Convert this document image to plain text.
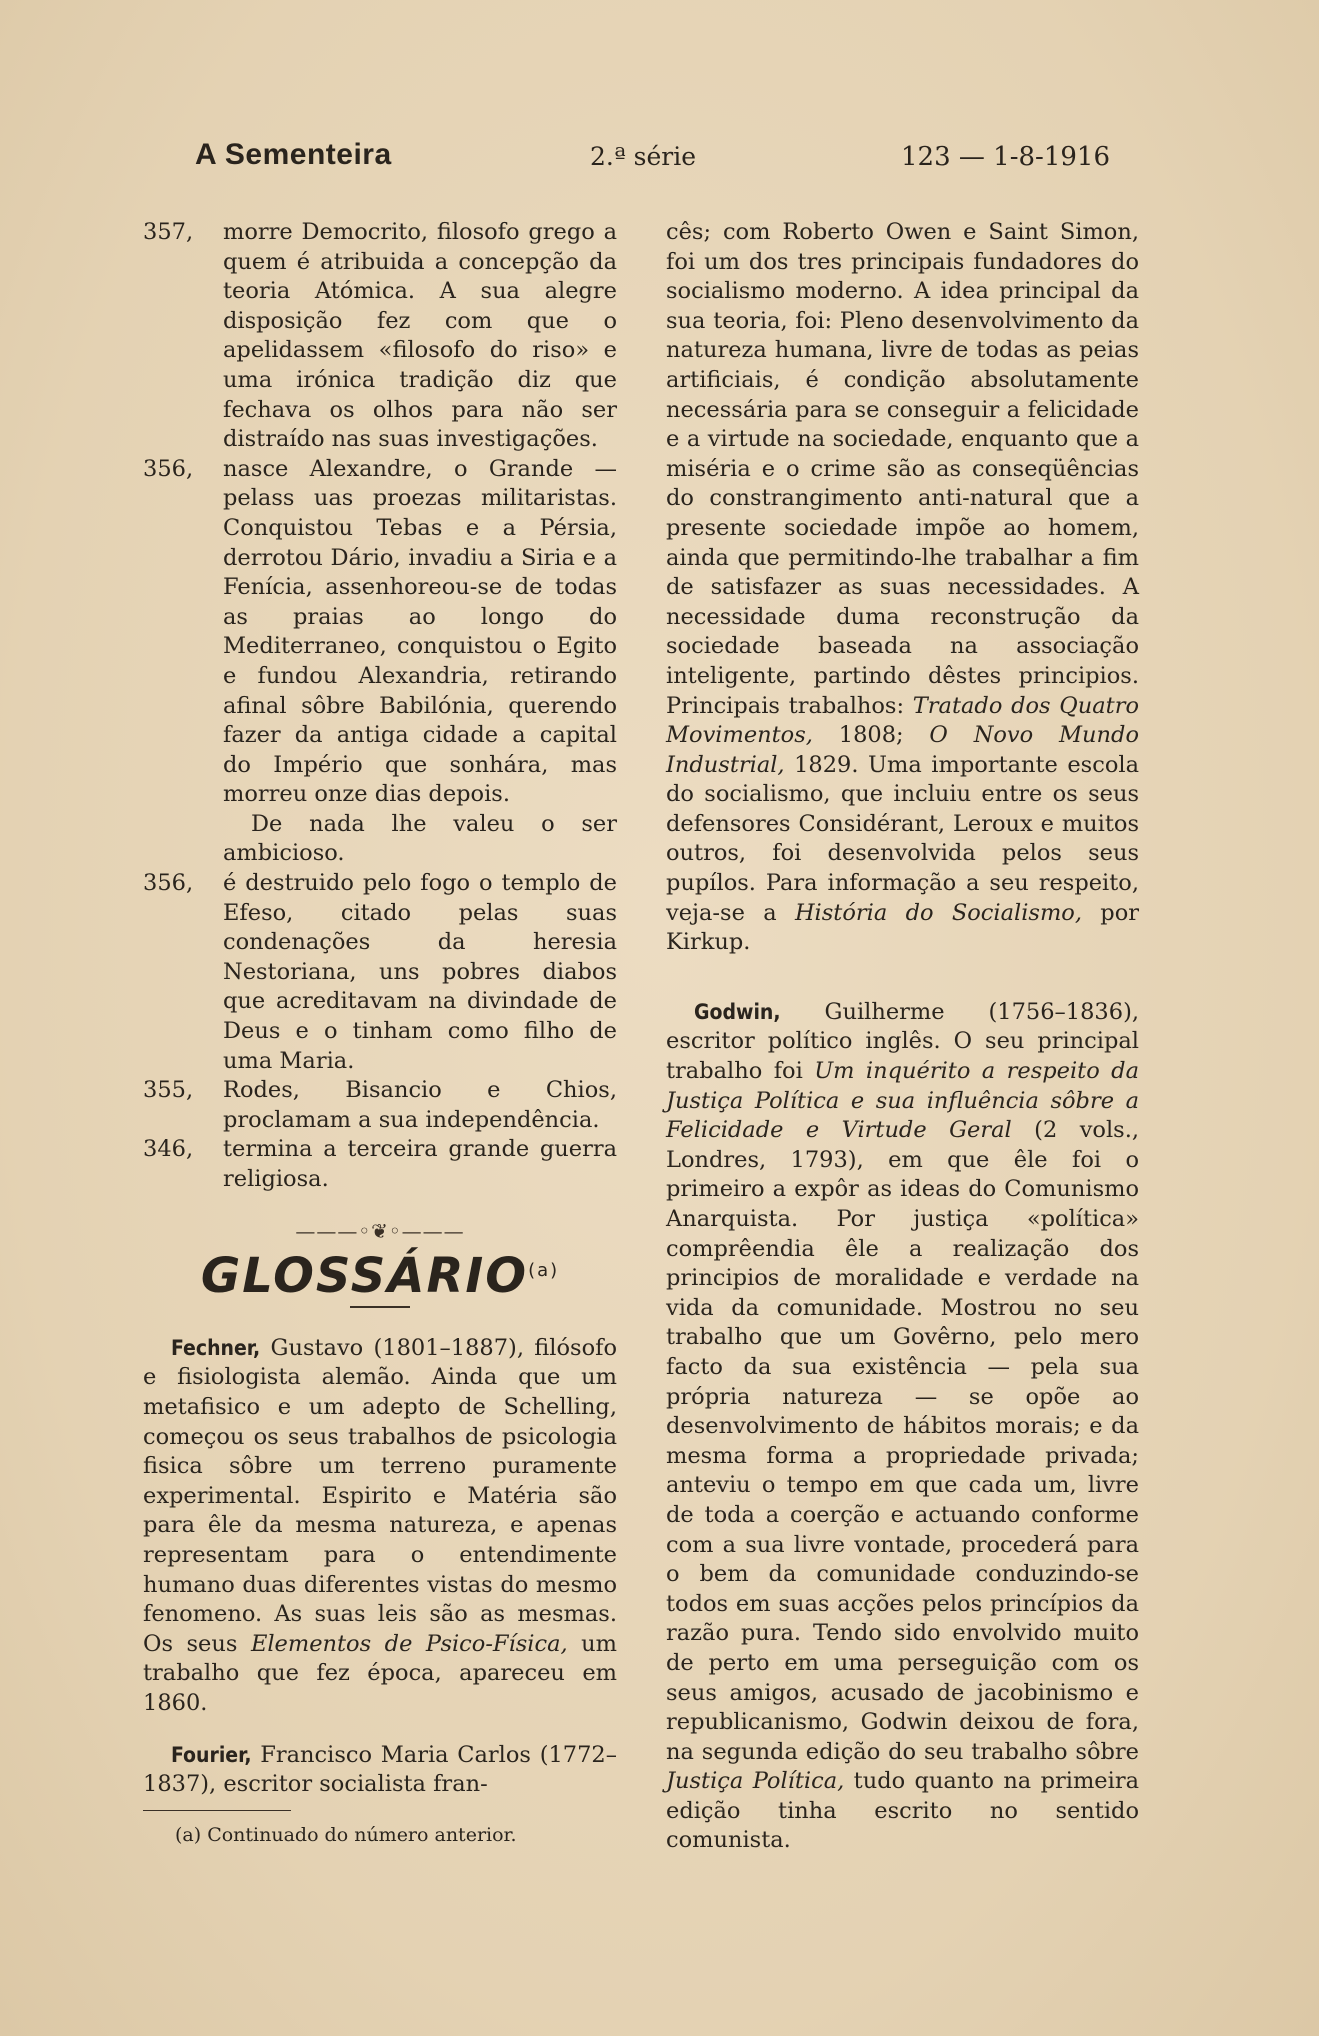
A Sementeira	2.ª série	123 — 1-8-1916
357,	morre Democrito, filosofo grego a quem é atribuida a concepção da teoria Atómica. A sua alegre disposição fez com que o apelidassem «filosofo do riso» e uma irónica tradição diz que fechava os olhos para não ser distraído nas suas investigações.

356,	nasce Alexandre, o Grande — pelass uas proezas militaristas. Conquistou Tebas e a Pérsia, derrotou Dário, invadiu a Siria e a Fenícia, assenhoreou-se de todas as praias ao longo do Mediterraneo, conquistou o Egito e fundou Alexandria, retirando afinal sôbre Babilónia, querendo fazer da antiga cidade a capital do Império que sonhára, mas morreu onze dias depois.

De nada lhe valeu o ser ambicioso.

356,	é destruido pelo fogo o templo de Efeso, citado pelas suas condenações da heresia Nestoriana, uns pobres diabos que acreditavam na divindade de Deus e o tinham como filho de uma Maria.

355,	Rodes, Bisancio e Chios, proclamam a sua independência.

346,	termina a terceira grande guerra religiosa.

———◦❦◦———
GLOSSÁRIO$^{(a)}$

Fechner, Gustavo (1801–1887), filósofo e fisiologista alemão. Ainda que um metafisico e um adepto de Schelling, começou os seus trabalhos de psicologia fisica sôbre um terreno puramente experimental. Espirito e Matéria são para êle da mesma natureza, e apenas representam para o entendimente humano duas diferentes vistas do mesmo fenomeno. As suas leis são as mesmas. Os seus Elementos de Psico-Física, um trabalho que fez época, apareceu em 1860.

Fourier, Francisco Maria Carlos (1772–1837), escritor socialista fran-

(a) Continuado do número anterior.

cês; com Roberto Owen e Saint Simon, foi um dos tres principais fundadores do socialismo moderno. A idea principal da sua teoria, foi: Pleno desenvolvimento da natureza humana, livre de todas as peias artificiais, é condição absolutamente necessária para se conseguir a felicidade e a virtude na sociedade, enquanto que a miséria e o crime são as conseqüências do constrangimento anti-natural que a presente sociedade impõe ao homem, ainda que permitindo-lhe trabalhar a fim de satisfazer as suas necessidades. A necessidade duma reconstrução da sociedade baseada na associação inteligente, partindo dêstes principios. Principais trabalhos: Tratado dos Quatro Movimentos, 1808; O Novo Mundo Industrial, 1829. Uma importante escola do socialismo, que incluiu entre os seus defensores Considérant, Leroux e muitos outros, foi desenvolvida pelos seus pupílos. Para informação a seu respeito, veja-se a História do Socialismo, por Kirkup.

Godwin, Guilherme (1756–1836), escritor político inglês. O seu principal trabalho foi Um inquérito a respeito da Justiça Política e sua influência sôbre a Felicidade e Virtude Geral (2 vols., Londres, 1793), em que êle foi o primeiro a expôr as ideas do Comunismo Anarquista. Por justiça «política» comprêendia êle a realização dos principios de moralidade e verdade na vida da comunidade. Mostrou no seu trabalho que um Govêrno, pelo mero facto da sua existência — pela sua própria natureza — se opõe ao desenvolvimento de hábitos morais; e da mesma forma a propriedade privada; anteviu o tempo em que cada um, livre de toda a coerção e actuando conforme com a sua livre vontade, procederá para o bem da comunidade conduzindo-se todos em suas acções pelos princípios da razão pura. Tendo sido envolvido muito de perto em uma perseguição com os seus amigos, acusado de jacobinismo e republicanismo, Godwin deixou de fora, na segunda edição do seu trabalho sôbre Justiça Política, tudo quanto na primeira edição tinha escrito no sentido comunista.
